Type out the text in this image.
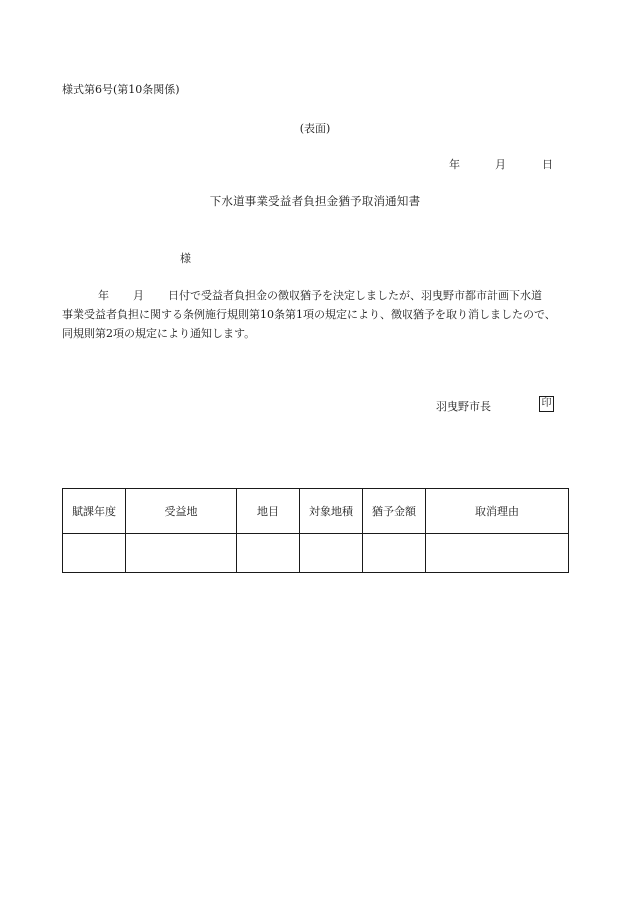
様式第6号(第10条関係)
(表面)
年	月	日
下水道事業受益者負担金猶予取消通知書
様
年 月 日付で受益者負担金の徴収猶予を決定しましたが、羽曳野市都市計画下水道
事業受益者負担に関する条例施行規則第10条第1項の規定により、徴収猶予を取り消しましたので、
同規則第2項の規定により通知します。
羽曳野市長	印
賦課年度	受益地	地目	対象地積	猶予金額	取消理由
